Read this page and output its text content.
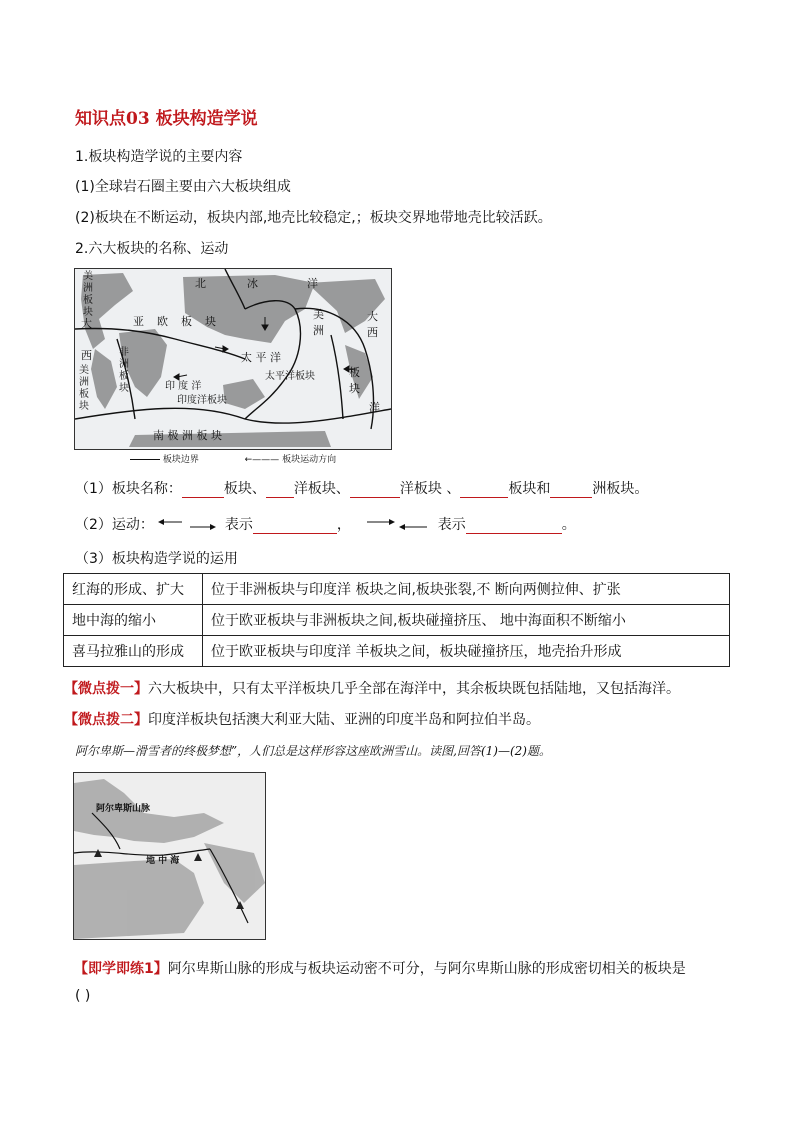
知识点03 板块构造学说
1.板块构造学说的主要内容
(1)全球岩石圈主要由六大板块组成
(2)板块在不断运动，板块内部,地壳比较稳定,；板块交界地带地壳比较活跃。
2.六大板块的名称、运动
美
洲
板
块
大
西
美洲板块
北	冰	洋
亚 欧 板 块
非洲板块	印 度 洋
印度洋板块
太 平 洋
太平洋板块
美
洲
大
西
板
块
洋
南 极 洲 板 块
板块边界	←——— 板块运动方向
（1）板块名称：	板块、 洋板块、	洋板块 、	板块和	洲板块。
（2）运动：	表示	，	表示	。
（3）板块构造学说的运用
红海的形成、扩大	位于非洲板块与印度洋 板块之间,板块张裂,不 断向两侧拉伸、扩张
地中海的缩小	位于欧亚板块与非洲板块之间,板块碰撞挤压、 地中海面积不断缩小
喜马拉雅山的形成	位于欧亚板块与印度洋 羊板块之间，板块碰撞挤压，地壳抬升形成
【微点拨一】六大板块中，只有太平洋板块几乎全部在海洋中，其余板块既包括陆地，又包括海洋。
【微点拨二】印度洋板块包括澳大利亚大陆、亚洲的印度半岛和阿拉伯半岛。
阿尔卑斯—滑雪者的终极梦想”，人们总是这样形容这座欧洲雪山。读图,回答(1)—(2)题。
阿尔卑斯山脉
地 中 海
【即学即练1】阿尔卑斯山脉的形成与板块运动密不可分，与阿尔卑斯山脉的形成密切相关的板块是
( )
